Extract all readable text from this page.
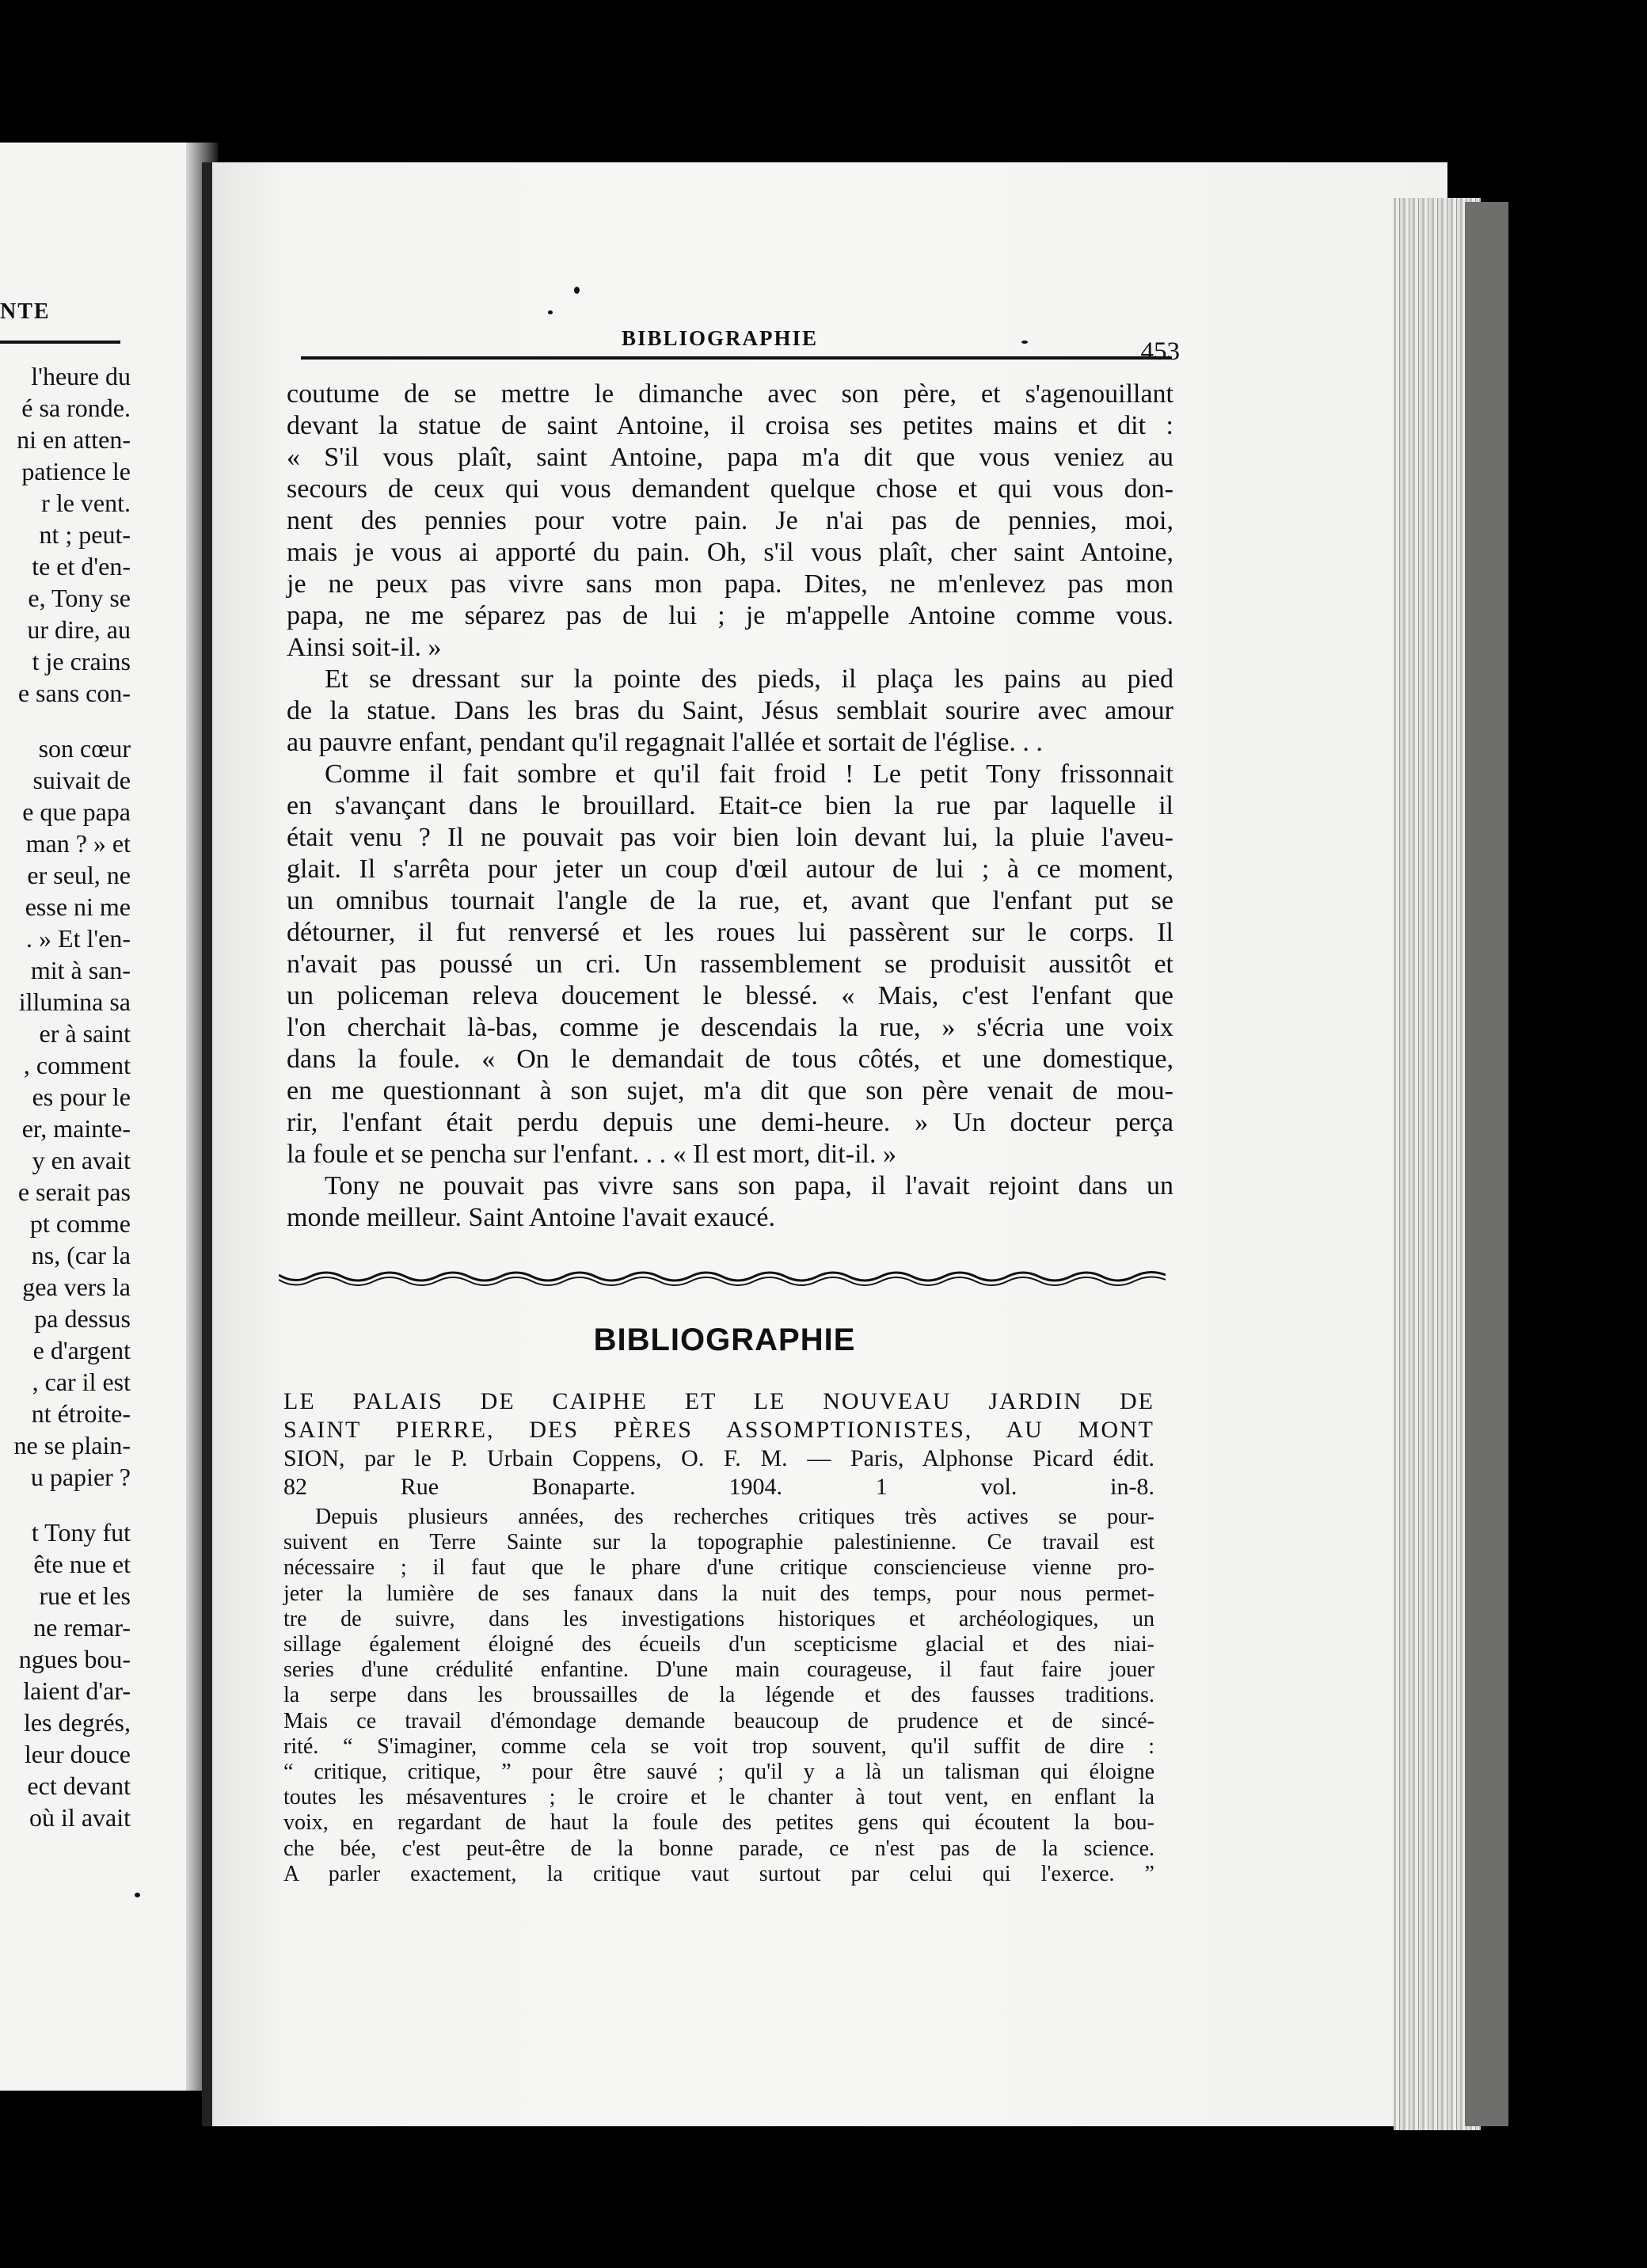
NTE
l'heure du
é sa ronde.
ni en atten-
patience le
r le vent.
nt ; peut-
te et d'en-
e, Tony se
ur dire, au
t je crains
e sans con-
son cœur
suivait de
e que papa
man ? » et
er seul, ne
esse ni me
. » Et l'en-
mit à san-
illumina sa
er à saint
, comment
es pour le
er, mainte-
y en avait
e serait pas
pt comme
ns, (car la
gea vers la
pa dessus
e d'argent
, car il est
nt étroite-
ne se plain-
u papier ?
t Tony fut
ête nue et
rue et les
ne remar-
ngues bou-
laient d'ar-
les degrés,
leur douce
ect devant
où il avait
BIBLIOGRAPHIE	453
coutume de se mettre le dimanche avec son père, et s'agenouillant
devant la statue de saint Antoine, il croisa ses petites mains et dit :
« S'il vous plaît, saint Antoine, papa m'a dit que vous veniez au
secours de ceux qui vous demandent quelque chose et qui vous don-
nent des pennies pour votre pain. Je n'ai pas de pennies, moi,
mais je vous ai apporté du pain. Oh, s'il vous plaît, cher saint Antoine,
je ne peux pas vivre sans mon papa. Dites, ne m'enlevez pas mon
papa, ne me séparez pas de lui ; je m'appelle Antoine comme vous.
Ainsi soit-il. »
Et se dressant sur la pointe des pieds, il plaça les pains au pied
de la statue. Dans les bras du Saint, Jésus semblait sourire avec amour
au pauvre enfant, pendant qu'il regagnait l'allée et sortait de l'église. . .
Comme il fait sombre et qu'il fait froid ! Le petit Tony frissonnait
en s'avançant dans le brouillard. Etait-ce bien la rue par laquelle il
était venu ? Il ne pouvait pas voir bien loin devant lui, la pluie l'aveu-
glait. Il s'arrêta pour jeter un coup d'œil autour de lui ; à ce moment,
un omnibus tournait l'angle de la rue, et, avant que l'enfant put se
détourner, il fut renversé et les roues lui passèrent sur le corps. Il
n'avait pas poussé un cri. Un rassemblement se produisit aussitôt et
un policeman releva doucement le blessé. « Mais, c'est l'enfant que
l'on cherchait là-bas, comme je descendais la rue, » s'écria une voix
dans la foule. « On le demandait de tous côtés, et une domestique,
en me questionnant à son sujet, m'a dit que son père venait de mou-
rir, l'enfant était perdu depuis une demi-heure. » Un docteur perça
la foule et se pencha sur l'enfant. . . « Il est mort, dit-il. »
Tony ne pouvait pas vivre sans son papa, il l'avait rejoint dans un
monde meilleur. Saint Antoine l'avait exaucé.
BIBLIOGRAPHIE
LE PALAIS DE CAIPHE ET LE NOUVEAU JARDIN DE
SAINT PIERRE, DES PÈRES ASSOMPTIONISTES, AU MONT
SION, par le P. Urbain Coppens, O. F. M. — Paris, Alphonse Picard édit.
82 Rue Bonaparte. 1904. 1 vol. in-8.
Depuis plusieurs années, des recherches critiques très actives se pour-
suivent en Terre Sainte sur la topographie palestinienne. Ce travail est
nécessaire ; il faut que le phare d'une critique consciencieuse vienne pro-
jeter la lumière de ses fanaux dans la nuit des temps, pour nous permet-
tre de suivre, dans les investigations historiques et archéologiques, un
sillage également éloigné des écueils d'un scepticisme glacial et des niai-
series d'une crédulité enfantine. D'une main courageuse, il faut faire jouer
la serpe dans les broussailles de la légende et des fausses traditions.
Mais ce travail d'émondage demande beaucoup de prudence et de sincé-
rité. “ S'imaginer, comme cela se voit trop souvent, qu'il suffit de dire :
“ critique, critique, ” pour être sauvé ; qu'il y a là un talisman qui éloigne
toutes les mésaventures ; le croire et le chanter à tout vent, en enflant la
voix, en regardant de haut la foule des petites gens qui écoutent la bou-
che bée, c'est peut-être de la bonne parade, ce n'est pas de la science.
A parler exactement, la critique vaut surtout par celui qui l'exerce. ”
